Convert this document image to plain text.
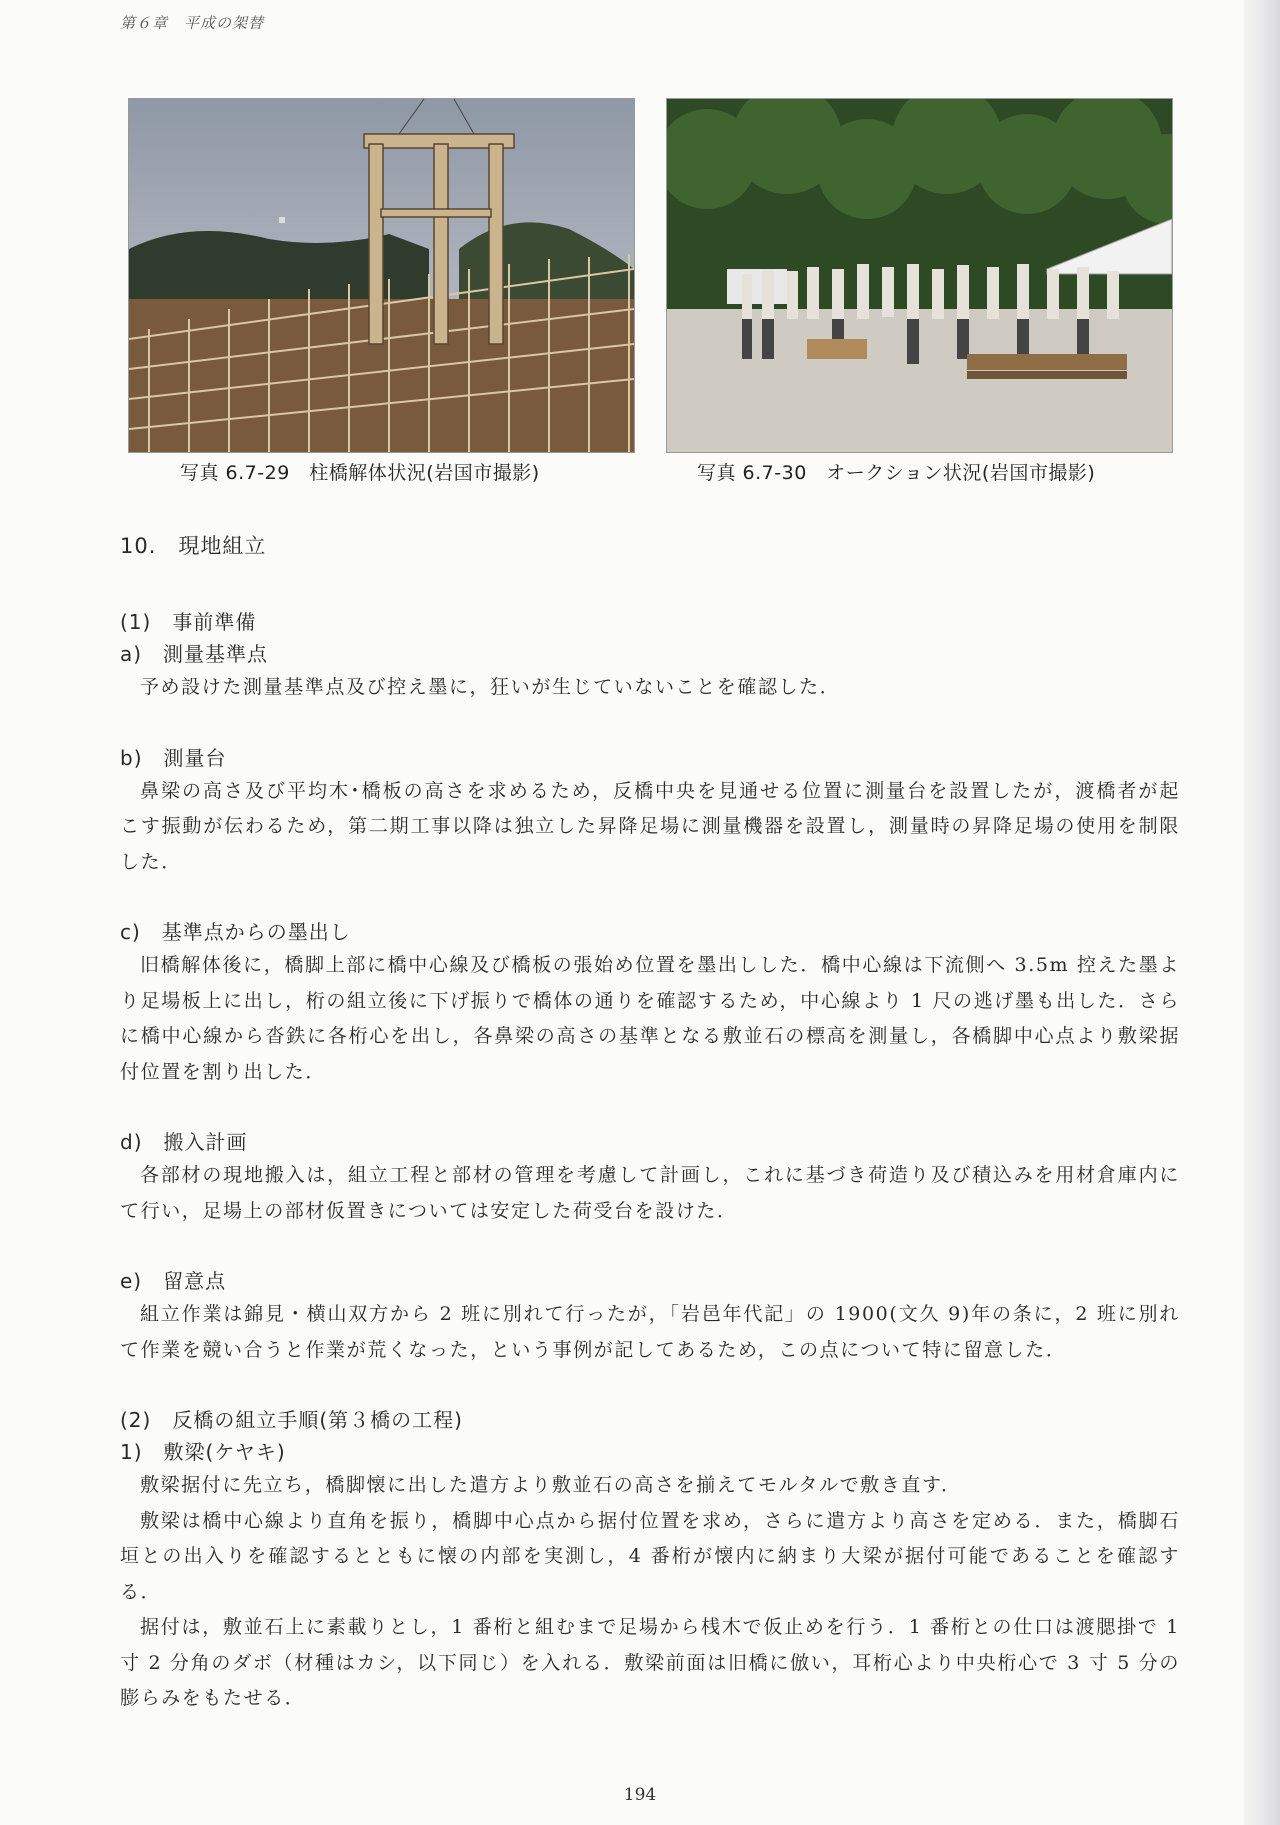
第６章　平成の架替
写真 6.7-29　柱橋解体状況(岩国市撮影)	写真 6.7-30　オークション状況(岩国市撮影)
10.　現地組立
(1)　事前準備
a)　測量基準点

予め設けた測量基準点及び控え墨に，狂いが生じていないことを確認した．

b)　測量台

鼻梁の高さ及び平均木･橋板の高さを求めるため，反橋中央を見通せる位置に測量台を設置したが，渡橋者が起こす振動が伝わるため，第二期工事以降は独立した昇降足場に測量機器を設置し，測量時の昇降足場の使用を制限した．

c)　基準点からの墨出し

旧橋解体後に，橋脚上部に橋中心線及び橋板の張始め位置を墨出しした．橋中心線は下流側へ 3.5m 控えた墨より足場板上に出し，桁の組立後に下げ振りで橋体の通りを確認するため，中心線より 1 尺の逃げ墨も出した．さらに橋中心線から沓鉄に各桁心を出し，各鼻梁の高さの基準となる敷並石の標高を測量し，各橋脚中心点より敷梁据付位置を割り出した．

d)　搬入計画

各部材の現地搬入は，組立工程と部材の管理を考慮して計画し，これに基づき荷造り及び積込みを用材倉庫内にて行い，足場上の部材仮置きについては安定した荷受台を設けた．

e)　留意点

組立作業は錦見・横山双方から 2 班に別れて行ったが，「岩邑年代記」の 1900(文久 9)年の条に，2 班に別れて作業を競い合うと作業が荒くなった，という事例が記してあるため，この点について特に留意した．

(2)　反橋の組立手順(第３橋の工程)
1)　敷梁(ケヤキ)

敷梁据付に先立ち，橋脚懐に出した遣方より敷並石の高さを揃えてモルタルで敷き直す．

敷梁は橋中心線より直角を振り，橋脚中心点から据付位置を求め，さらに遣方より高さを定める．また，橋脚石垣との出入りを確認するとともに懐の内部を実測し，4 番桁が懐内に納まり大梁が据付可能であることを確認する．

据付は，敷並石上に素載りとし，1 番桁と組むまで足場から桟木で仮止めを行う．1 番桁との仕口は渡腮掛で 1 寸 2 分角のダボ（材種はカシ，以下同じ）を入れる．敷梁前面は旧橋に倣い，耳桁心より中央桁心で 3 寸 5 分の膨らみをもたせる．

194
